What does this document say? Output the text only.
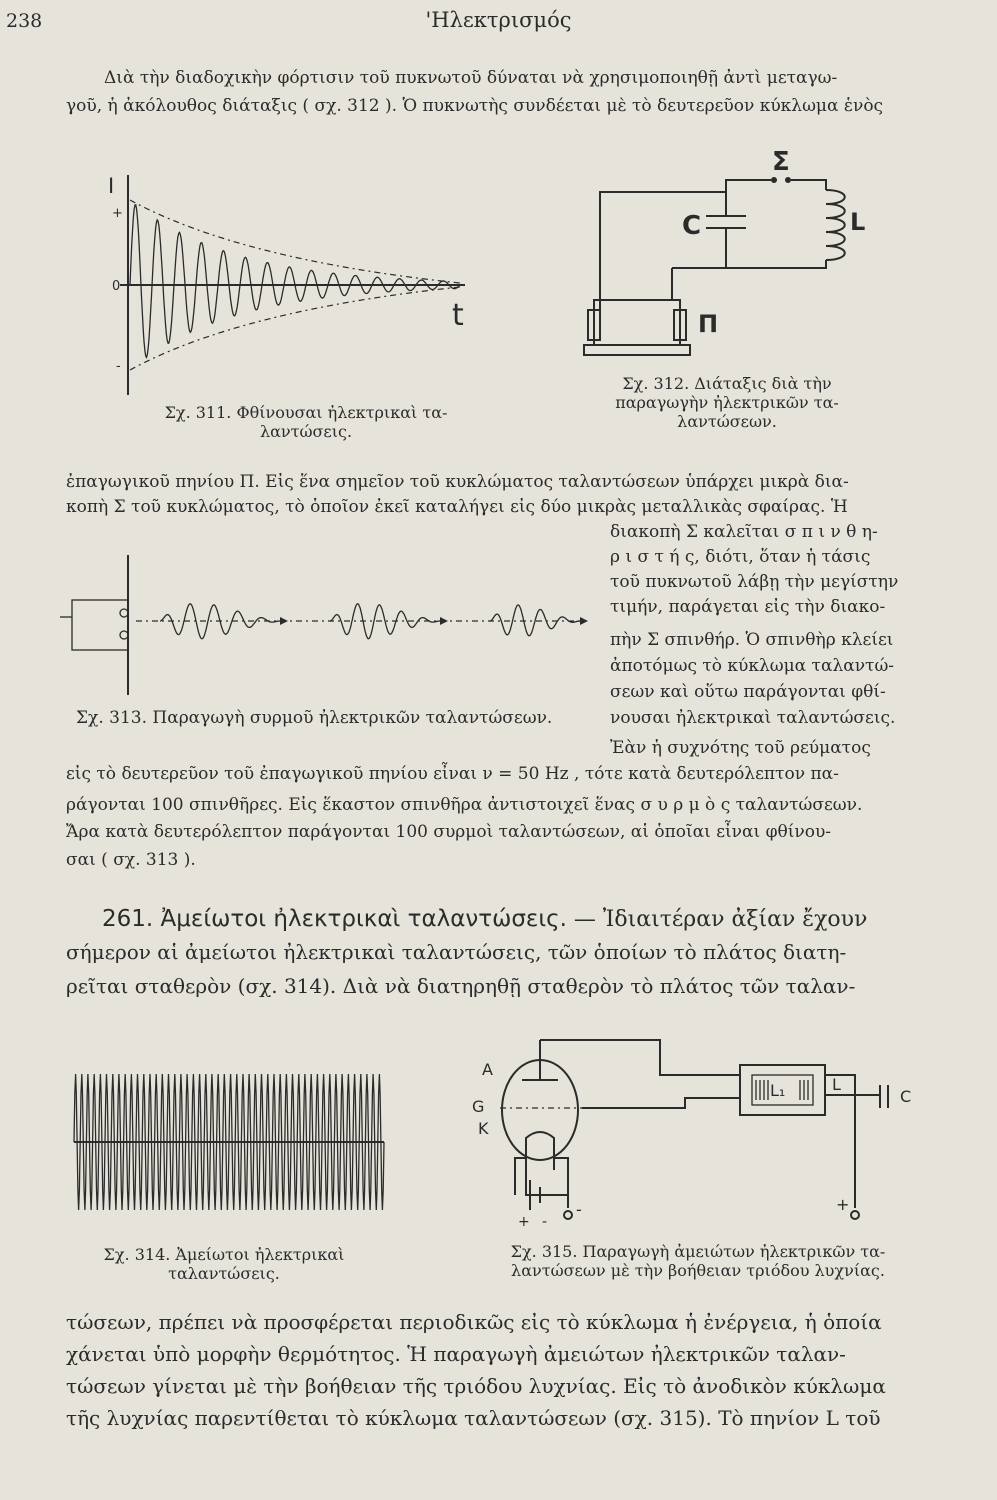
238	'Ηλεκτρισμός
Διὰ τὴν διαδοχικὴν φόρτισιν τοῦ πυκνωτοῦ δύναται νὰ χρησιμοποιηθῇ ἀντὶ μεταγω-
γοῦ, ἡ ἀκόλουθος διάταξις ( σχ. 312 ). Ὁ πυκνωτὴς συνδέεται μὲ τὸ δευτερεῦον κύκλωμα ἑνὸς
I
+
0
-
t
Σχ. 311. Φθίνουσαι ἠλεκτρικαὶ τα-
λαντώσεις.
Σ
C	L
Π
Σχ. 312. Διάταξις διὰ τὴν
παραγωγὴν ἠλεκτρικῶν τα-
λαντώσεων.
ἐπαγωγικοῦ πηνίου Π. Εἰς ἕνα σημεῖον τοῦ κυκλώματος ταλαντώσεων ὑπάρχει μικρὰ δια-
κοπὴ Σ τοῦ κυκλώματος, τὸ ὁποῖον ἐκεῖ καταλήγει εἰς δύο μικρὰς μεταλλικὰς σφαίρας. Ἡ
διακοπὴ Σ καλεῖται σ π ι ν θ η-
ρ ι σ τ ή ς, διότι, ὅταν ἡ τάσις
τοῦ πυκνωτοῦ λάβῃ τὴν μεγίστην
τιμήν, παράγεται εἰς τὴν διακο-
πὴν Σ σπινθήρ. Ὁ σπινθὴρ κλείει
ἀποτόμως τὸ κύκλωμα ταλαντώ-
σεων καὶ οὕτω παράγονται φθί-
νουσαι ἠλεκτρικαὶ ταλαντώσεις.
Σχ. 313. Παραγωγὴ συρμοῦ ἠλεκτρικῶν ταλαντώσεων.
Ἐὰν ἡ συχνότης τοῦ ρεύματος
εἰς τὸ δευτερεῦον τοῦ ἐπαγωγικοῦ πηνίου εἶναι ν = 50 Hz , τότε κατὰ δευτερόλεπτον πα-
ράγονται 100 σπινθῆρες. Εἰς ἕκαστον σπινθῆρα ἀντιστοιχεῖ ἕνας σ υ ρ μ ὸ ς ταλαντώσεων.
Ἄρα κατὰ δευτερόλεπτον παράγονται 100 συρμοὶ ταλαντώσεων, αἱ ὁποῖαι εἶναι φθίνου-
σαι ( σχ. 313 ).
261. Ἀμείωτοι ἠλεκτρικαὶ ταλαντώσεις. — Ἰδιαιτέραν ἀξίαν ἔχουν
σήμερον αἱ ἀμείωτοι ἠλεκτρικαὶ ταλαντώσεις, τῶν ὁποίων τὸ πλάτος διατη-
ρεῖται σταθερὸν (σχ. 314). Διὰ νὰ διατηρηθῇ σταθερὸν τὸ πλάτος τῶν ταλαν-
Σχ. 314. Ἀμείωτοι ἠλεκτρικαὶ
ταλαντώσεις.
A
G
K
L₁	L
C
+ -
-	+
Σχ. 315. Παραγωγὴ ἀμειώτων ἠλεκτρικῶν τα-
λαντώσεων μὲ τὴν βοήθειαν τριόδου λυχνίας.
τώσεων, πρέπει νὰ προσφέρεται περιοδικῶς εἰς τὸ κύκλωμα ἡ ἐνέργεια, ἡ ὁποία
χάνεται ὑπὸ μορφὴν θερμότητος. Ἡ παραγωγὴ ἀμειώτων ἠλεκτρικῶν ταλαν-
τώσεων γίνεται μὲ τὴν βοήθειαν τῆς τριόδου λυχνίας. Εἰς τὸ ἀνοδικὸν κύκλωμα
τῆς λυχνίας παρεντίθεται τὸ κύκλωμα ταλαντώσεων (σχ. 315). Τὸ πηνίον L τοῦ
